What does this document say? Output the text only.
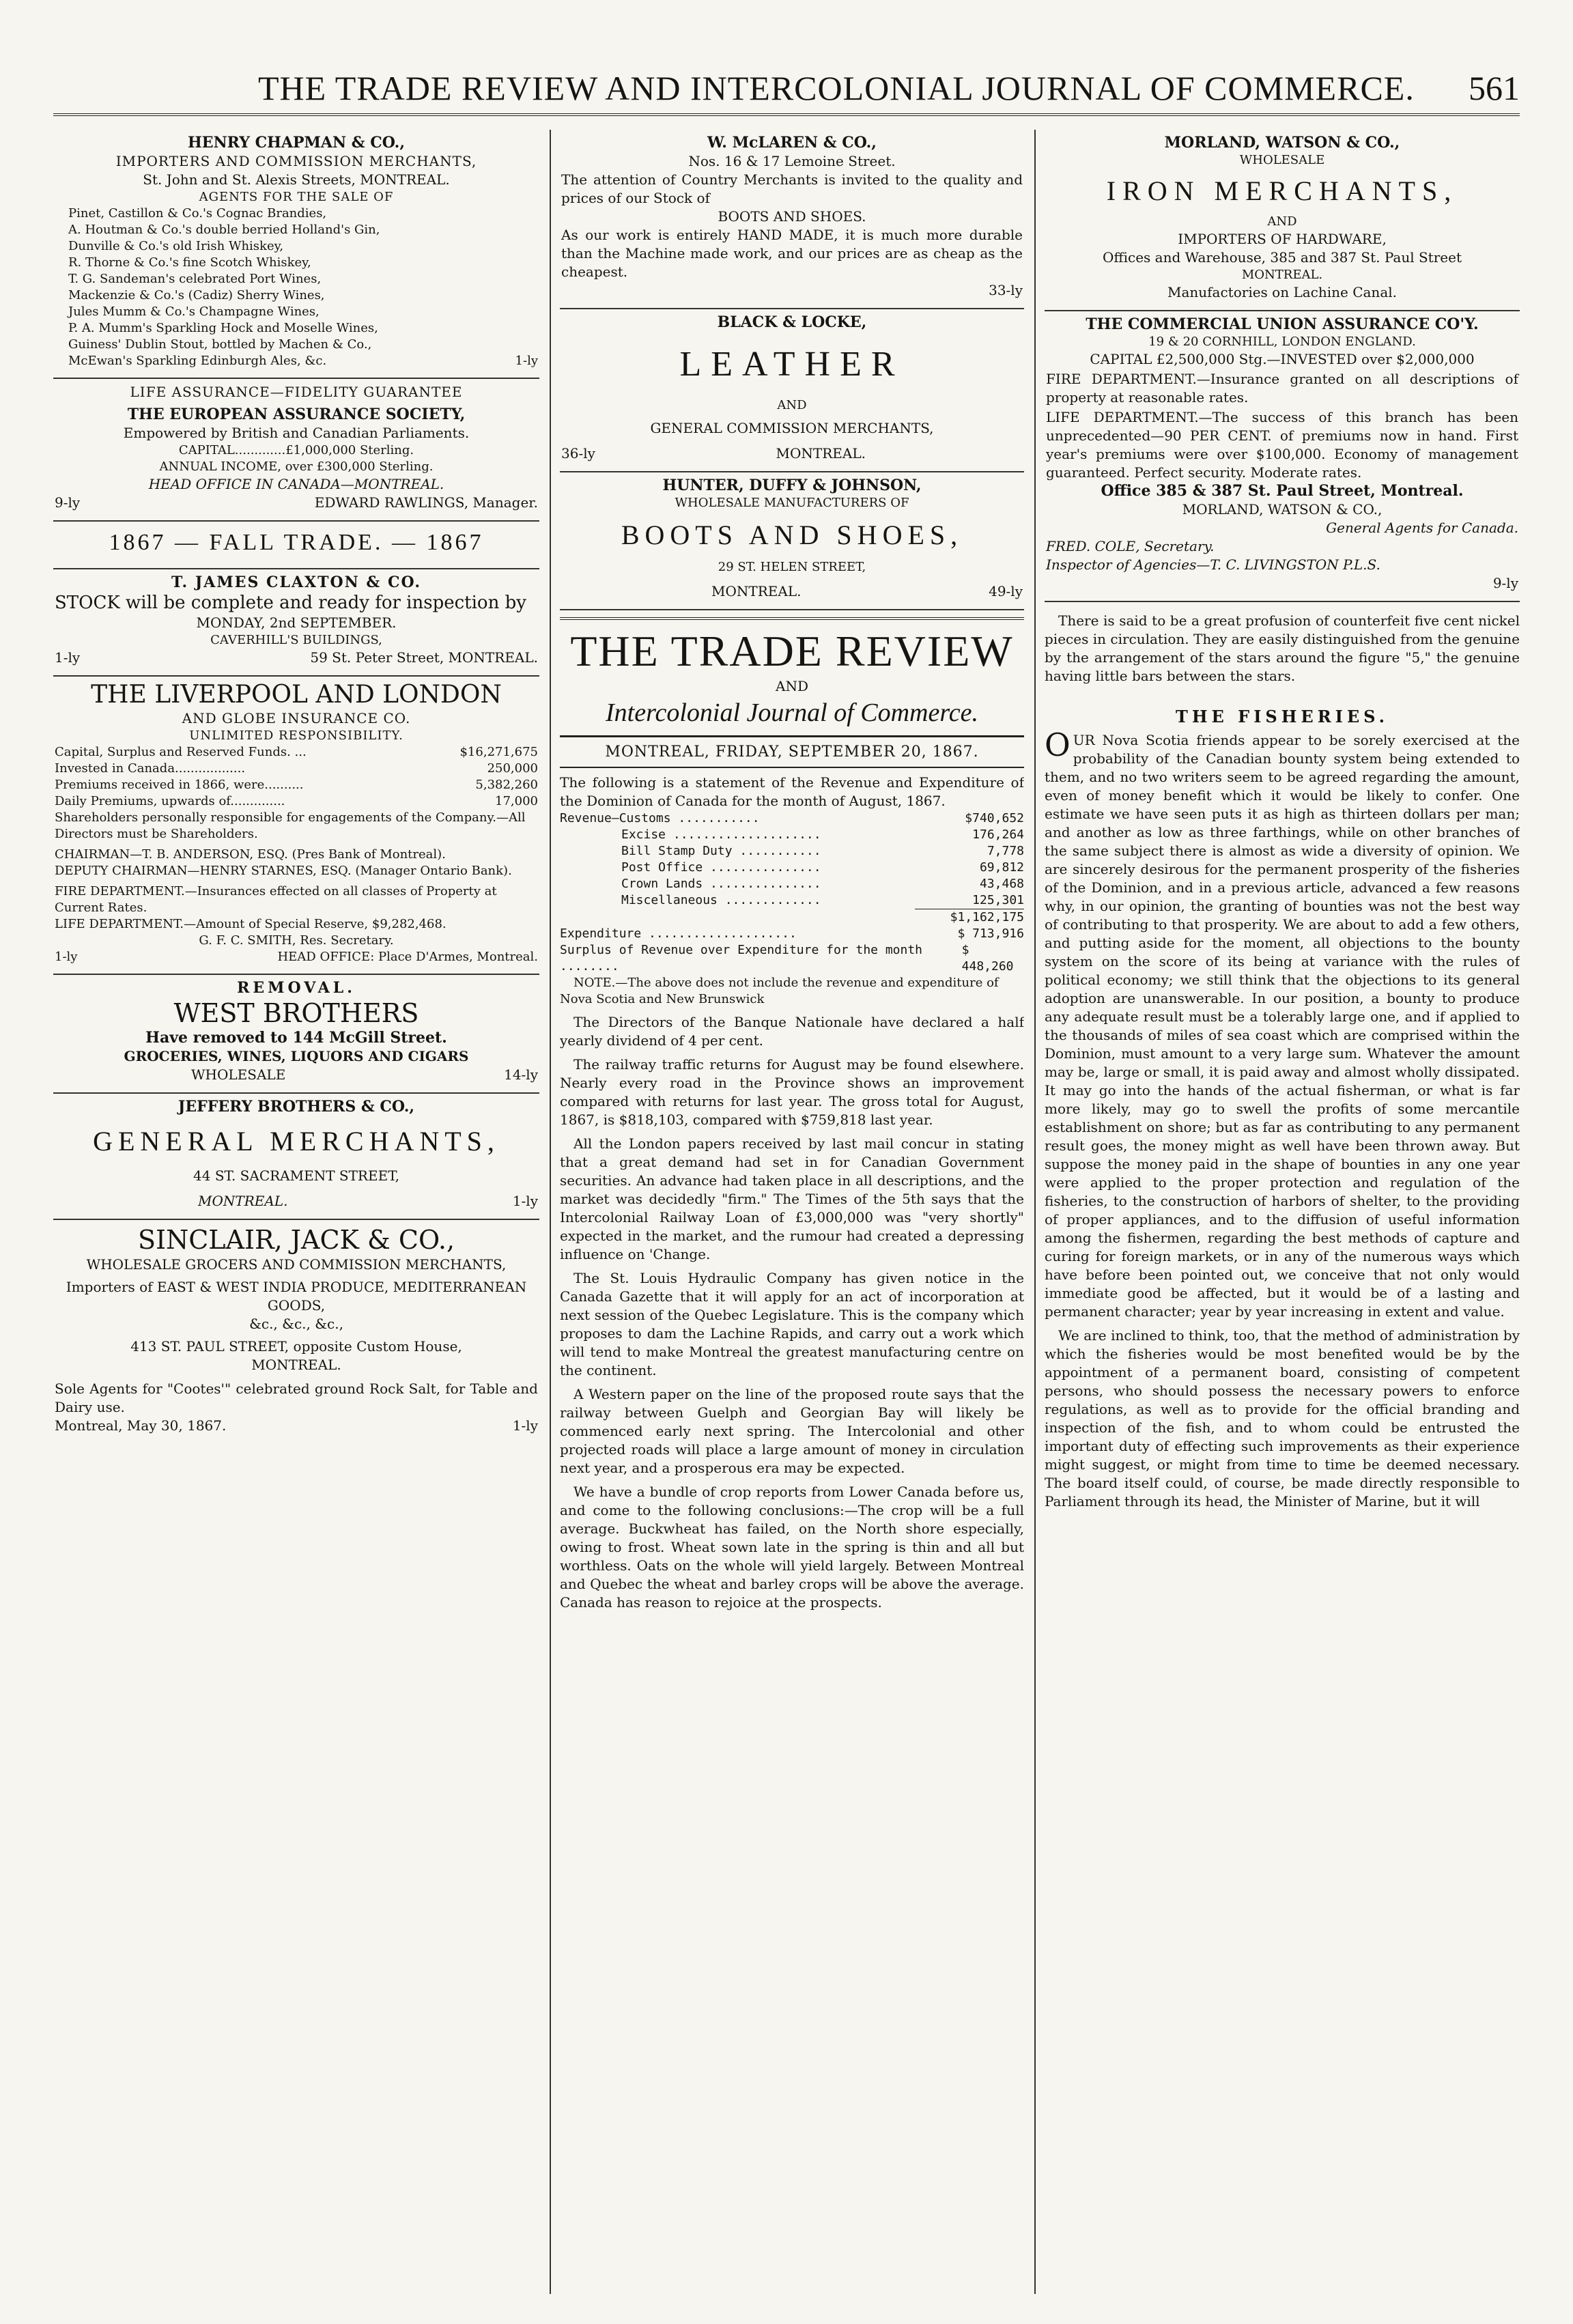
THE TRADE REVIEW AND INTERCOLONIAL JOURNAL OF COMMERCE. 561
HENRY CHAPMAN & CO.,
IMPORTERS AND COMMISSION MERCHANTS,
St. John and St. Alexis Streets, MONTREAL.
AGENTS FOR THE SALE OF
Pinet, Castillon & Co.'s Cognac Brandies,
A. Houtman & Co.'s double berried Holland's Gin,
Dunville & Co.'s old Irish Whiskey,
R. Thorne & Co.'s fine Scotch Whiskey,
T. G. Sandeman's celebrated Port Wines,
Mackenzie & Co.'s (Cadiz) Sherry Wines,
Jules Mumm & Co.'s Champagne Wines,
P. A. Mumm's Sparkling Hock and Moselle Wines,
Guiness' Dublin Stout, bottled by Machen & Co.,
McEwan's Sparkling Edinburgh Ales, &c.	1-ly
LIFE ASSURANCE—FIDELITY GUARANTEE
THE EUROPEAN ASSURANCE SOCIETY,
Empowered by British and Canadian Parliaments.
CAPITAL.............£1,000,000 Sterling.
ANNUAL INCOME, over £300,000 Sterling.
HEAD OFFICE IN CANADA—MONTREAL.
9-ly	EDWARD RAWLINGS, Manager.
1867 — FALL TRADE. — 1867
T. JAMES CLAXTON & CO.
STOCK will be complete and ready for inspection by
MONDAY, 2nd SEPTEMBER.
CAVERHILL'S BUILDINGS,
1-ly	59 St. Peter Street, MONTREAL.
THE LIVERPOOL AND LONDON
AND GLOBE INSURANCE CO.
UNLIMITED RESPONSIBILITY.
Capital, Surplus and Reserved Funds. ...	$16,271,675
Invested in Canada..................	250,000
Premiums received in 1866, were..........	5,382,260
Daily Premiums, upwards of..............	17,000
Shareholders personally responsible for engagements of the Company.—All Directors must be Shareholders.
CHAIRMAN—T. B. ANDERSON, ESQ. (Pres Bank of Montreal).
DEPUTY CHAIRMAN—HENRY STARNES, ESQ. (Manager Ontario Bank).
FIRE DEPARTMENT.—Insurances effected on all classes of Property at Current Rates.
LIFE DEPARTMENT.—Amount of Special Reserve, $9,282,468.
G. F. C. SMITH, Res. Secretary.
1-ly	HEAD OFFICE: Place D'Armes, Montreal.
REMOVAL.
WEST BROTHERS
Have removed to 144 McGill Street.
GROCERIES, WINES, LIQUORS AND CIGARS
WHOLESALE	14-ly
JEFFERY BROTHERS & CO.,
GENERAL MERCHANTS,
44 ST. SACRAMENT STREET,
MONTREAL.	1-ly
SINCLAIR, JACK & CO.,
WHOLESALE GROCERS AND COMMISSION MERCHANTS,
Importers of EAST & WEST INDIA PRODUCE, MEDITERRANEAN GOODS,
&c., &c., &c.,
413 ST. PAUL STREET, opposite Custom House,
MONTREAL.
Sole Agents for "Cootes'" celebrated ground Rock Salt, for Table and Dairy use.
Montreal, May 30, 1867.	1-ly
W. McLAREN & CO.,
Nos. 16 & 17 Lemoine Street.
The attention of Country Merchants is invited to the quality and prices of our Stock of
BOOTS AND SHOES.
As our work is entirely HAND MADE, it is much more durable than the Machine made work, and our prices are as cheap as the cheapest.
33-ly
BLACK & LOCKE,
LEATHER
AND
GENERAL COMMISSION MERCHANTS,
36-ly	MONTREAL.
HUNTER, DUFFY & JOHNSON,
WHOLESALE MANUFACTURERS OF
BOOTS AND SHOES,
29 ST. HELEN STREET,
MONTREAL.	49-ly
THE TRADE REVIEW
AND
Intercolonial Journal of Commerce.
MONTREAL, FRIDAY, SEPTEMBER 20, 1867.
The following is a statement of the Revenue and Expenditure of the Dominion of Canada for the month of August, 1867.
Revenue—Customs ...........	$740,652
Excise ....................	176,264
Bill Stamp Duty ...........	7,778
Post Office ...............	69,812
Crown Lands ...............	43,468
Miscellaneous .............	125,301
$1,162,175
Expenditure ....................	$ 713,916
Surplus of Revenue over Expenditure for the month ........
$ 448,260
NOTE.—The above does not include the revenue and expenditure of Nova Scotia and New Brunswick
The Directors of the Banque Nationale have declared a half yearly dividend of 4 per cent.
The railway traffic returns for August may be found elsewhere. Nearly every road in the Province shows an improvement compared with returns for last year. The gross total for August, 1867, is $818,103, compared with $759,818 last year.
All the London papers received by last mail concur in stating that a great demand had set in for Canadian Government securities. An advance had taken place in all descriptions, and the market was decidedly "firm." The Times of the 5th says that the Intercolonial Railway Loan of £3,000,000 was "very shortly" expected in the market, and the rumour had created a depressing influence on 'Change.
The St. Louis Hydraulic Company has given notice in the Canada Gazette that it will apply for an act of incorporation at next session of the Quebec Legislature. This is the company which proposes to dam the Lachine Rapids, and carry out a work which will tend to make Montreal the greatest manufacturing centre on the continent.
A Western paper on the line of the proposed route says that the railway between Guelph and Georgian Bay will likely be commenced early next spring. The Intercolonial and other projected roads will place a large amount of money in circulation next year, and a prosperous era may be expected.
We have a bundle of crop reports from Lower Canada before us, and come to the following conclusions:—The crop will be a full average. Buckwheat has failed, on the North shore especially, owing to frost. Wheat sown late in the spring is thin and all but worthless. Oats on the whole will yield largely. Between Montreal and Quebec the wheat and barley crops will be above the average. Canada has reason to rejoice at the prospects.
MORLAND, WATSON & CO.,
WHOLESALE
IRON MERCHANTS,
AND
IMPORTERS OF HARDWARE,
Offices and Warehouse, 385 and 387 St. Paul Street
MONTREAL.
Manufactories on Lachine Canal.
THE COMMERCIAL UNION ASSURANCE CO'Y.
19 & 20 CORNHILL, LONDON ENGLAND.
CAPITAL £2,500,000 Stg.—INVESTED over $2,000,000
FIRE DEPARTMENT.—Insurance granted on all descriptions of property at reasonable rates.
LIFE DEPARTMENT.—The success of this branch has been unprecedented—90 PER CENT. of premiums now in hand. First year's premiums were over $100,000. Economy of management guaranteed. Perfect security. Moderate rates.
Office 385 & 387 St. Paul Street, Montreal.
MORLAND, WATSON & CO.,
General Agents for Canada.
FRED. COLE, Secretary.
Inspector of Agencies—T. C. LIVINGSTON P.L.S.
9-ly
There is said to be a great profusion of counterfeit five cent nickel pieces in circulation. They are easily distinguished from the genuine by the arrangement of the stars around the figure "5," the genuine having little bars between the stars.
THE FISHERIES.
OUR Nova Scotia friends appear to be sorely exercised at the probability of the Canadian bounty system being extended to them, and no two writers seem to be agreed regarding the amount, even of money benefit which it would be likely to confer. One estimate we have seen puts it as high as thirteen dollars per man; and another as low as three farthings, while on other branches of the same subject there is almost as wide a diversity of opinion. We are sincerely desirous for the permanent prosperity of the fisheries of the Dominion, and in a previous article, advanced a few reasons why, in our opinion, the granting of bounties was not the best way of contributing to that prosperity. We are about to add a few others, and putting aside for the moment, all objections to the bounty system on the score of its being at variance with the rules of political economy; we still think that the objections to its general adoption are unanswerable. In our position, a bounty to produce any adequate result must be a tolerably large one, and if applied to the thousands of miles of sea coast which are comprised within the Dominion, must amount to a very large sum. Whatever the amount may be, large or small, it is paid away and almost wholly dissipated. It may go into the hands of the actual fisherman, or what is far more likely, may go to swell the profits of some mercantile establishment on shore; but as far as contributing to any permanent result goes, the money might as well have been thrown away. But suppose the money paid in the shape of bounties in any one year were applied to the proper protection and regulation of the fisheries, to the construction of harbors of shelter, to the providing of proper appliances, and to the diffusion of useful information among the fishermen, regarding the best methods of capture and curing for foreign markets, or in any of the numerous ways which have before been pointed out, we conceive that not only would immediate good be affected, but it would be of a lasting and permanent character; year by year increasing in extent and value.
We are inclined to think, too, that the method of administration by which the fisheries would be most benefited would be by the appointment of a permanent board, consisting of competent persons, who should possess the necessary powers to enforce regulations, as well as to provide for the official branding and inspection of the fish, and to whom could be entrusted the important duty of effecting such improvements as their experience might suggest, or might from time to time be deemed necessary. The board itself could, of course, be made directly responsible to Parliament through its head, the Minister of Marine, but it will
